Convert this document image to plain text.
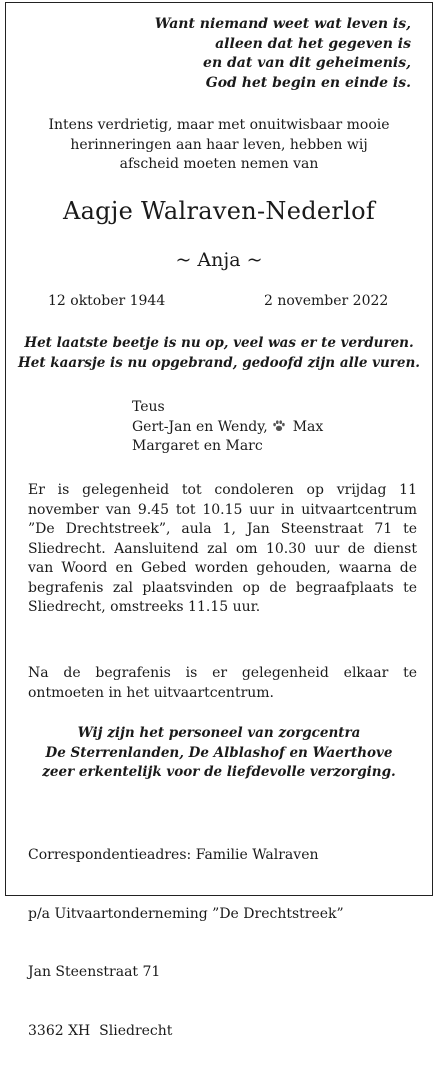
Want niemand weet wat leven is,
alleen dat het gegeven is
en dat van dit geheimenis,
God het begin en einde is.
Intens verdrietig, maar met onuitwisbaar mooie
herinneringen aan haar leven, hebben wij
afscheid moeten nemen van
Aagje Walraven-Nederlof
~ Anja ~
12 oktober 1944	2 november 2022
Het laatste beetje is nu op, veel was er te verduren.
Het kaarsje is nu opgebrand, gedoofd zijn alle vuren.
Teus
Gert-Jan en Wendy, Max
Margaret en Marc
Er is gelegenheid tot condoleren op vrijdag 11 november van 9.45 tot 10.15 uur in uitvaartcentrum ”De Drechtstreek”, aula 1, Jan Steenstraat 71 te Sliedrecht. Aansluitend zal om 10.30 uur de dienst van Woord en Gebed worden gehouden, waarna de begrafenis zal plaatsvinden op de begraafplaats te Sliedrecht, omstreeks 11.15 uur.
Na de begrafenis is er gelegenheid elkaar te ontmoeten in het uitvaartcentrum.
Wij zijn het personeel van zorgcentra
De Sterrenlanden, De Alblashof en Waerthove
zeer erkentelijk voor de liefdevolle verzorging.

Correspondentieadres: Familie Walraven

p/a Uitvaartonderneming ”De Drechtstreek”

Jan Steenstraat 71

3362 XH  Sliedrecht
